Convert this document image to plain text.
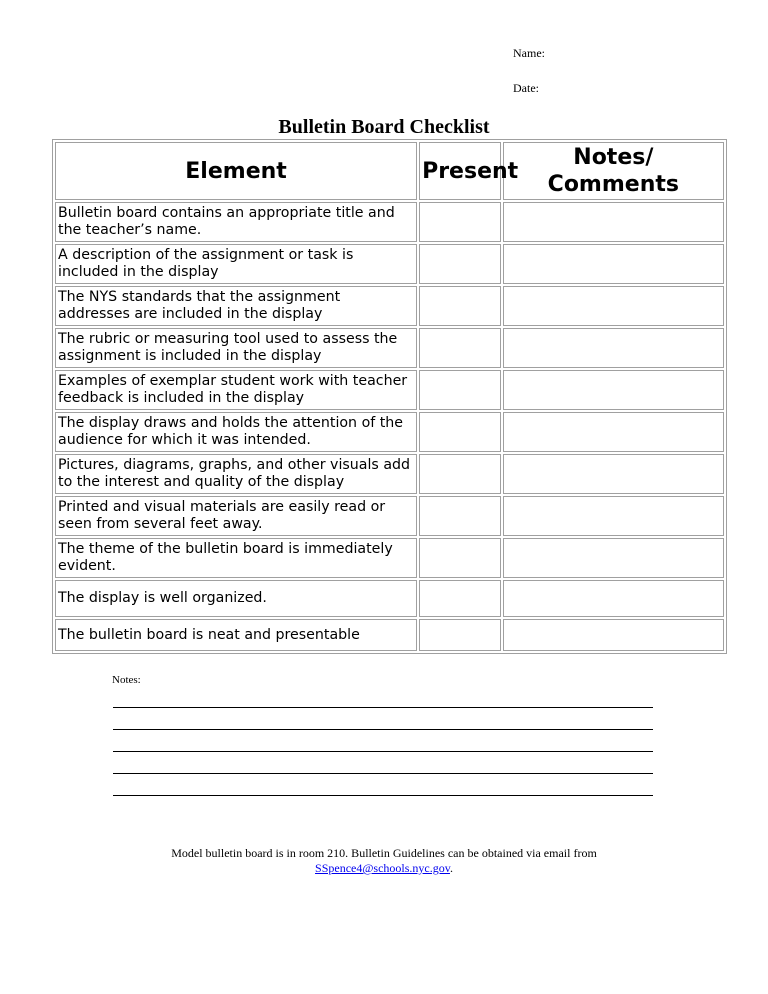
Name:
Date:
Bulletin Board Checklist
Element	Present	Notes/ Comments
Bulletin board contains an appropriate title and the teacher’s name.		
A description of the assignment or task is included in the display		
The NYS standards that the assignment addresses are included in the display		
The rubric or measuring tool used to assess the assignment is included in the display		
Examples of exemplar student work with teacher feedback is included in the display		
The display draws and holds the attention of the audience for which it was intended.		
Pictures, diagrams, graphs, and other visuals add to the interest and quality of the display		
Printed and visual materials are easily read or seen from several feet away.		
The theme of the bulletin board is immediately evident.		
The display is well organized.		
The bulletin board is neat and presentable		
Notes:
Model bulletin board is in room 210. Bulletin Guidelines can be obtained via email from
SSpence4@schools.nyc.gov.
